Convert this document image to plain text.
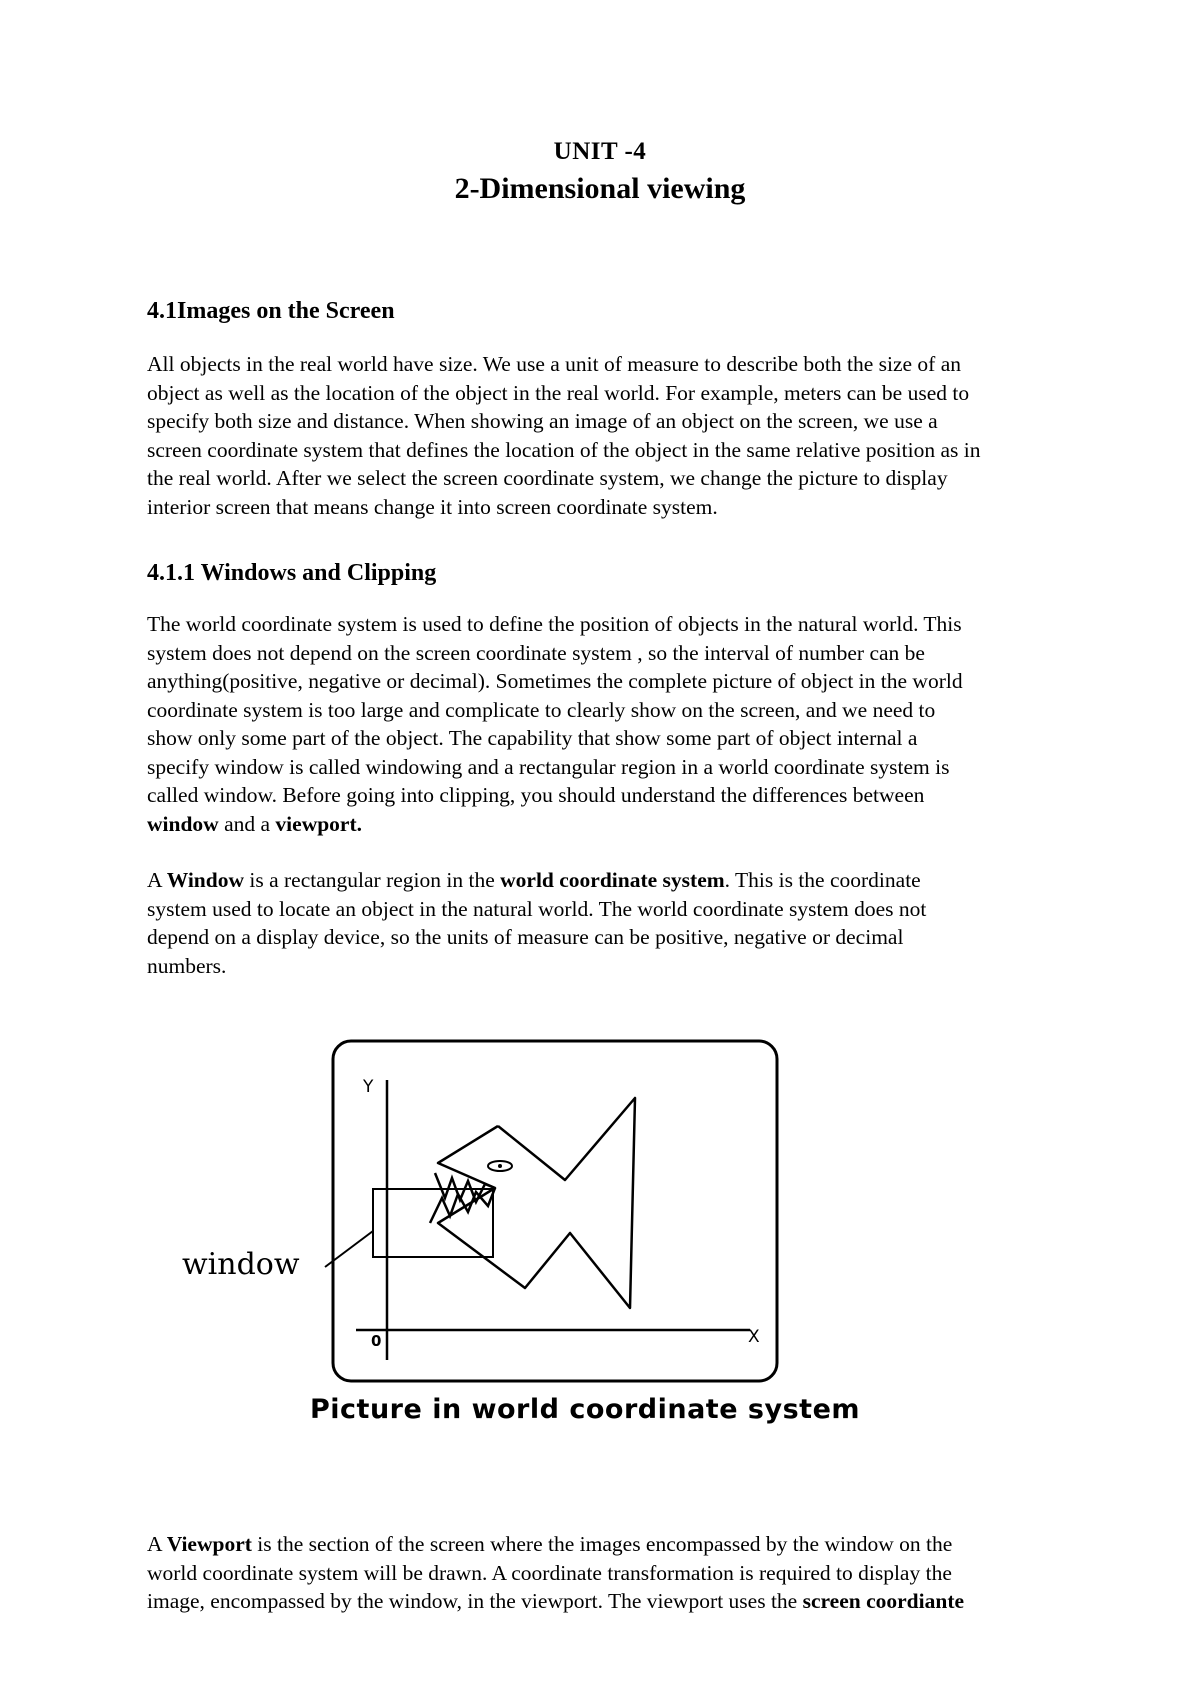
UNIT -4
2-Dimensional viewing
4.1Images on the Screen
All objects in the real world have size. We use a unit of measure to describe both the size of an
object as well as the location of the object in the real world. For example, meters can be used to
specify both size and distance. When showing an image of an object on the screen, we use a
screen coordinate system that defines the location of the object in the same relative position as in
the real world. After we select the screen coordinate system, we change the picture to display
interior screen that means change it into screen coordinate system.
4.1.1 Windows and Clipping
The world coordinate system is used to define the position of objects in the natural world. This
system does not depend on the screen coordinate system , so the interval of number can be
anything(positive, negative or decimal). Sometimes the complete picture of object in the world
coordinate system is too large and complicate to clearly show on the screen, and we need to
show only some part of the object. The capability that show some part of object internal a
specify window is called windowing and a rectangular region in a world coordinate system is
called window. Before going into clipping, you should understand the differences between
window and a viewport.
A Window is a rectangular region in the world coordinate system. This is the coordinate
system used to locate an object in the natural world. The world coordinate system does not
depend on a display device, so the units of measure can be positive, negative or decimal
numbers.
Y
X
0
window
Picture in world coordinate system
A Viewport is the section of the screen where the images encompassed by the window on the
world coordinate system will be drawn. A coordinate transformation is required to display the
image, encompassed by the window, in the viewport. The viewport uses the screen coordiante
